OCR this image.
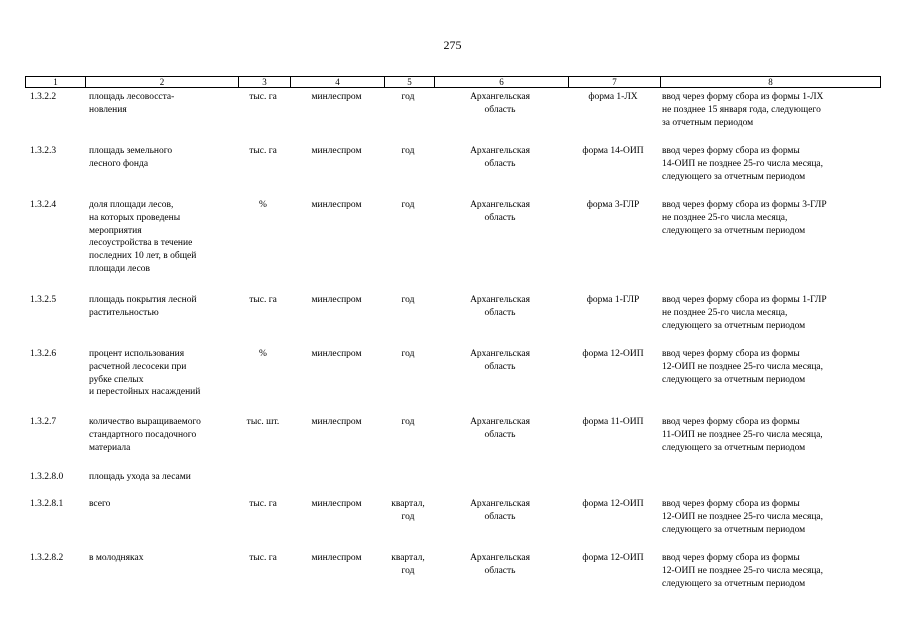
275
1	2	3	4	5	6	7	8
1.3.2.2	площадь лесовосста-
новления
тыс. га	минлеспром	год	Архангельская
область
форма 1-ЛХ	ввод через форму сбора из формы 1-ЛХ
не позднее 15 января года, следующего
за отчетным периодом
1.3.2.3	площадь земельного
лесного фонда
тыс. га	минлеспром	год	Архангельская
область
форма 14-ОИП	ввод через форму сбора из формы
14-ОИП не позднее 25-го числа месяца,
следующего за отчетным периодом
1.3.2.4	доля площади лесов,
на которых проведены
мероприятия
лесоустройства в течение
последних 10 лет, в общей
площади лесов
%	минлеспром	год	Архангельская
область
форма 3-ГЛР	ввод через форму сбора из формы 3-ГЛР
не позднее 25-го числа месяца,
следующего за отчетным периодом
1.3.2.5	площадь покрытия лесной
растительностью
тыс. га	минлеспром	год	Архангельская
область
форма 1-ГЛР	ввод через форму сбора из формы 1-ГЛР
не позднее 25-го числа месяца,
следующего за отчетным периодом
1.3.2.6	процент использования
расчетной лесосеки при
рубке спелых
и перестойных насаждений
%	минлеспром	год	Архангельская
область
форма 12-ОИП	ввод через форму сбора из формы
12-ОИП не позднее 25-го числа месяца,
следующего за отчетным периодом
1.3.2.7	количество выращиваемого
стандартного посадочного
материала
тыс. шт.	минлеспром	год	Архангельская
область
форма 11-ОИП	ввод через форму сбора из формы
11-ОИП не позднее 25-го числа месяца,
следующего за отчетным периодом
1.3.2.8.0	площадь ухода за лесами
1.3.2.8.1	всего	тыс. га	минлеспром	квартал,
год
Архангельская
область
форма 12-ОИП	ввод через форму сбора из формы
12-ОИП не позднее 25-го числа месяца,
следующего за отчетным периодом
1.3.2.8.2	в молодняках	тыс. га	минлеспром	квартал,
год
Архангельская
область
форма 12-ОИП	ввод через форму сбора из формы
12-ОИП не позднее 25-го числа месяца,
следующего за отчетным периодом
